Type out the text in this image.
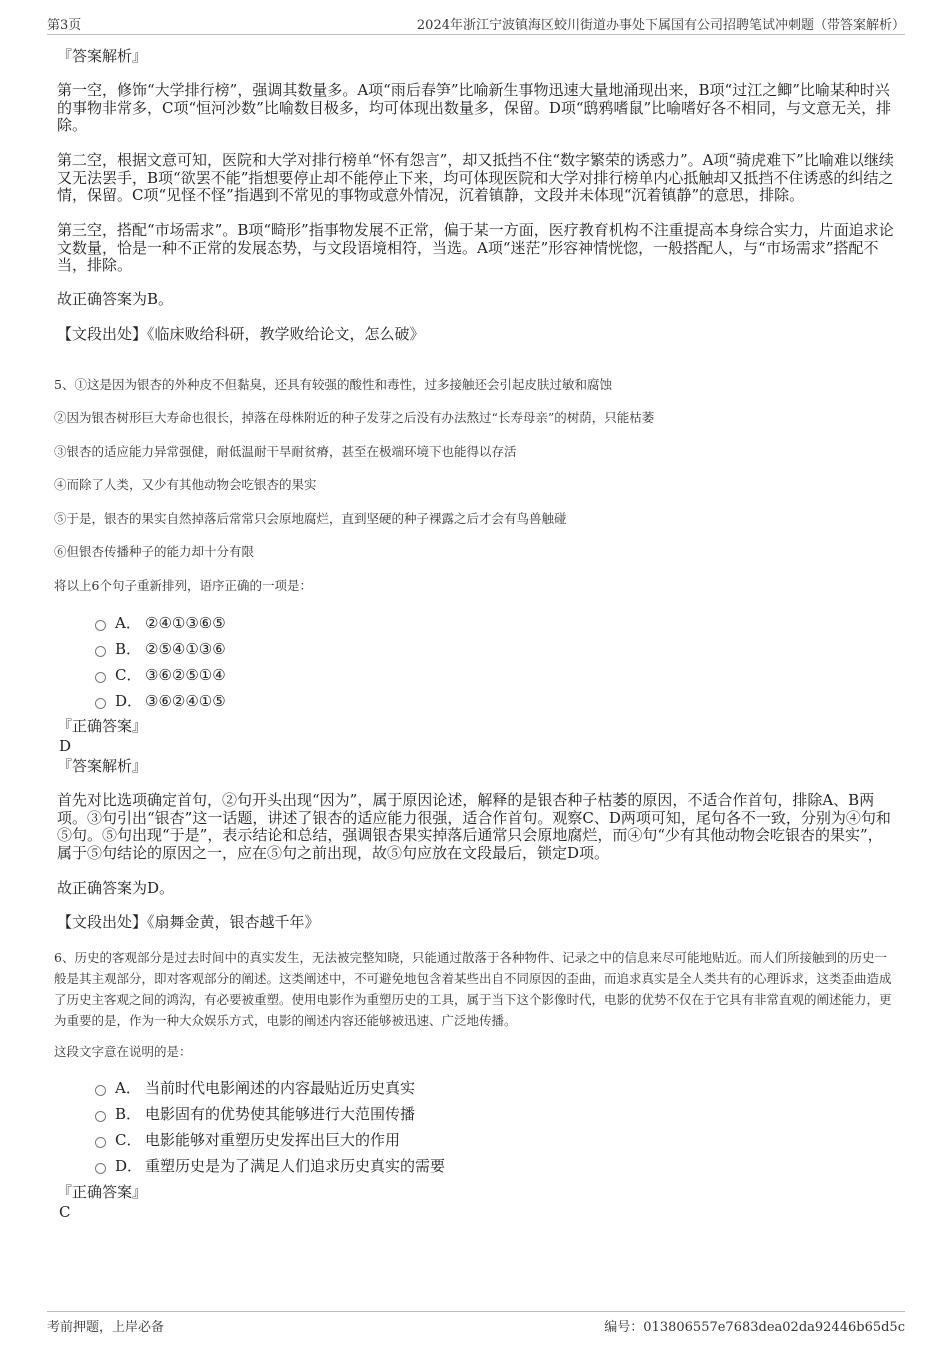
第3页	2024年浙江宁波镇海区蛟川街道办事处下属国有公司招聘笔试冲刺题（带答案解析）
『答案解析』
第一空，修饰“大学排行榜”，强调其数量多。A项“雨后春笋”比喻新生事物迅速大量地涌现出来，B项“过江之鲫”比喻某种时兴的事物非常多，C项“恒河沙数”比喻数目极多，均可体现出数量多，保留。D项“鸱鸦嗜鼠”比喻嗜好各不相同，与文意无关，排除。
第二空，根据文意可知，医院和大学对排行榜单“怀有怨言”，却又抵挡不住“数字繁荣的诱惑力”。A项“骑虎难下”比喻难以继续又无法罢手，B项“欲罢不能”指想要停止却不能停止下来，均可体现医院和大学对排行榜单内心抵触却又抵挡不住诱惑的纠结之情，保留。C项“见怪不怪”指遇到不常见的事物或意外情况，沉着镇静，文段并未体现“沉着镇静”的意思，排除。
第三空，搭配“市场需求”。B项“畸形”指事物发展不正常，偏于某一方面，医疗教育机构不注重提高本身综合实力，片面追求论文数量，恰是一种不正常的发展态势，与文段语境相符，当选。A项“迷茫”形容神情恍惚，一般搭配人，与“市场需求”搭配不当，排除。
故正确答案为B。
【文段出处】《临床败给科研，教学败给论文，怎么破》
5、①这是因为银杏的外种皮不但黏臭，还具有较强的酸性和毒性，过多接触还会引起皮肤过敏和腐蚀
②因为银杏树形巨大寿命也很长，掉落在母株附近的种子发芽之后没有办法熬过“长寿母亲”的树荫，只能枯萎
③银杏的适应能力异常强健，耐低温耐干旱耐贫瘠，甚至在极端环境下也能得以存活
④而除了人类，又少有其他动物会吃银杏的果实
⑤于是，银杏的果实自然掉落后常常只会原地腐烂，直到坚硬的种子裸露之后才会有鸟兽触碰
⑥但银杏传播种子的能力却十分有限
将以上6个句子重新排列，语序正确的一项是：
A． ②④①③⑥⑤
B． ②⑤④①③⑥
C． ③⑥②⑤①④
D． ③⑥②④①⑤
『正确答案』
D
『答案解析』
首先对比选项确定首句，②句开头出现“因为”，属于原因论述，解释的是银杏种子枯萎的原因，不适合作首句，排除A、B两项。③句引出“银杏”这一话题，讲述了银杏的适应能力很强，适合作首句。观察C、D两项可知，尾句各不一致，分别为④句和⑤句。⑤句出现“于是”，表示结论和总结，强调银杏果实掉落后通常只会原地腐烂，而④句“少有其他动物会吃银杏的果实”，属于⑤句结论的原因之一，应在⑤句之前出现，故⑤句应放在文段最后，锁定D项。
故正确答案为D。
【文段出处】《扇舞金黄，银杏越千年》
6、历史的客观部分是过去时间中的真实发生，无法被完整知晓，只能通过散落于各种物件、记录之中的信息来尽可能地贴近。而人们所接触到的历史一般是其主观部分，即对客观部分的阐述。这类阐述中，不可避免地包含着某些出自不同原因的歪曲，而追求真实是全人类共有的心理诉求，这类歪曲造成了历史主客观之间的鸿沟，有必要被重塑。使用电影作为重塑历史的工具，属于当下这个影像时代，电影的优势不仅在于它具有非常直观的阐述能力，更为重要的是，作为一种大众娱乐方式，电影的阐述内容还能够被迅速、广泛地传播。
这段文字意在说明的是：
A． 当前时代电影阐述的内容最贴近历史真实
B． 电影固有的优势使其能够进行大范围传播
C． 电影能够对重塑历史发挥出巨大的作用
D． 重塑历史是为了满足人们追求历史真实的需要
『正确答案』
C
考前押题，上岸必备	编号：013806557e7683dea02da92446b65d5c
